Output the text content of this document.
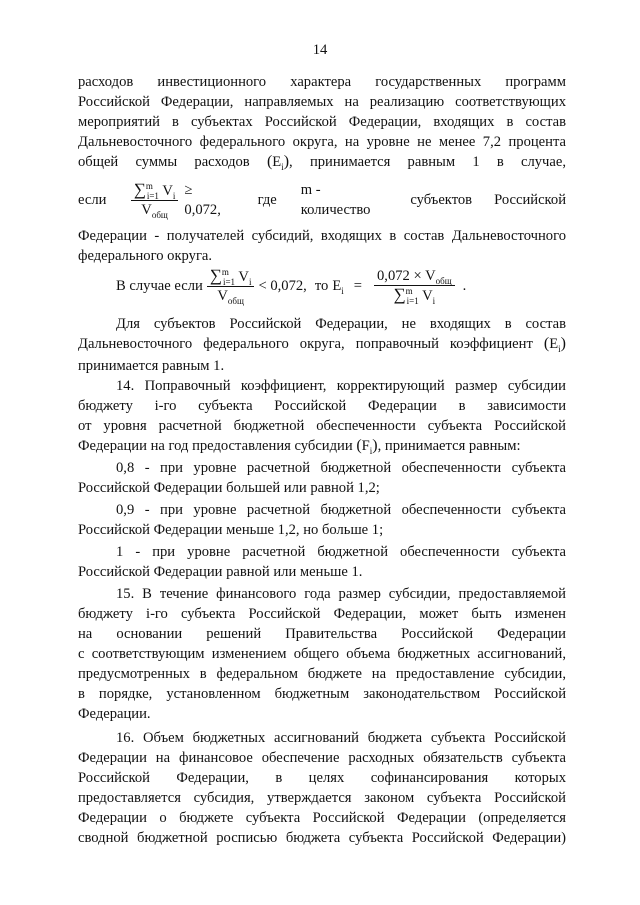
14

расходов инвестиционного характера государственных программ

Российской Федерации, направляемых на реализацию соответствующих

мероприятий в субъектах Российской Федерации, входящих в состав

Дальневосточного федерального округа, на уровне не менее 7,2 процента

общей суммы расходов $(E_i)$, принимается равным 1 в случае,

если	$\frac{\sum^m_{i=1} V_i}{V_{общ}} \ge 0,072$,
где
m - количество
субъектов Российской

Федерации - получателей субсидий, входящих в состав Дальневосточного

федерального округа.

В случае если $\frac{\sum^m_{i=1} V_i}{V_{общ}} < 0,072$, то $E_i = \frac{0,072 \times V_{общ}}{\sum^m_{i=1} V_i}$ .

Для субъектов Российской Федерации, не входящих в состав

Дальневосточного федерального округа, поправочный коэффициент $(E_i)$

принимается равным 1.

14. Поправочный коэффициент, корректирующий размер субсидии

бюджету i-го субъекта Российской Федерации в зависимости

от уровня расчетной бюджетной обеспеченности субъекта Российской

Федерации на год предоставления субсидии $(F_i)$, принимается равным:

0,8 - при уровне расчетной бюджетной обеспеченности субъекта

Российской Федерации большей или равной 1,2;

0,9 - при уровне расчетной бюджетной обеспеченности субъекта

Российской Федерации меньше 1,2, но больше 1;

1 - при уровне расчетной бюджетной обеспеченности субъекта

Российской Федерации равной или меньше 1.

15. В течение финансового года размер субсидии, предоставляемой

бюджету i-го субъекта Российской Федерации, может быть изменен

на основании решений Правительства Российской Федерации

с соответствующим изменением общего объема бюджетных ассигнований,

предусмотренных в федеральном бюджете на предоставление субсидии,

в порядке, установленном бюджетным законодательством Российской

Федерации.

16. Объем бюджетных ассигнований бюджета субъекта Российской

Федерации на финансовое обеспечение расходных обязательств субъекта

Российской Федерации, в целях софинансирования которых

предоставляется субсидия, утверждается законом субъекта Российской

Федерации о бюджете субъекта Российской Федерации (определяется

сводной бюджетной росписью бюджета субъекта Российской Федерации)
